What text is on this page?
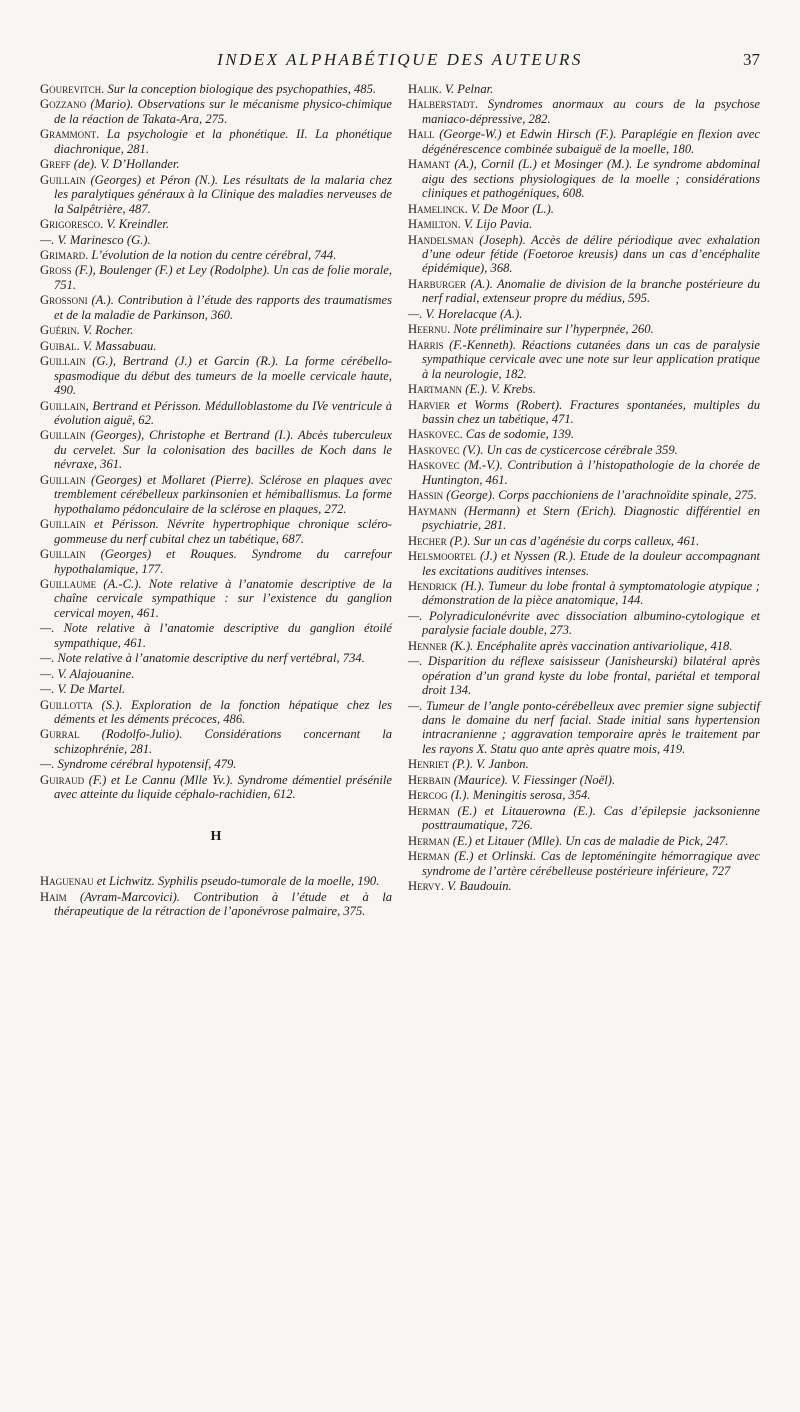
INDEX ALPHABÉTIQUE DES AUTEURS	37

Gourevitch. Sur la conception biologique des psychopathies, 485.

Gozzano (Mario). Observations sur le mécanisme physico-chimique de la réaction de Takata-Ara, 275.

Grammont. La psychologie et la phonétique. II. La phonétique diachronique, 281.

Greff (de). V. D’Hollander.

Guillain (Georges) et Péron (N.). Les résultats de la malaria chez les paralytiques généraux à la Clinique des maladies nerveuses de la Salpêtrière, 487.

Grigoresco. V. Kreindler.

—. V. Marinesco (G.).

Grimard. L’évolution de la notion du centre cérébral, 744.

Gross (F.), Boulenger (F.) et Ley (Rodolphe). Un cas de folie morale, 751.

Grossoni (A.). Contribution à l’étude des rapports des traumatismes et de la maladie de Parkinson, 360.

Guérin. V. Rocher.

Guibal. V. Massabuau.

Guillain (G.), Bertrand (J.) et Garcin (R.). La forme cérébello-spasmodique du début des tumeurs de la moelle cervicale haute, 490.

Guillain, Bertrand et Périsson. Médulloblastome du IVe ventricule à évolution aiguë, 62.

Guillain (Georges), Christophe et Bertrand (I.). Abcès tuberculeux du cervelet. Sur la colonisation des bacilles de Koch dans le névraxe, 361.

Guillain (Georges) et Mollaret (Pierre). Sclérose en plaques avec tremblement cérébelleux parkinsonien et hémiballismus. La forme hypothalamo pédonculaire de la sclérose en plaques, 272.

Guillain et Périsson. Névrite hypertrophique chronique scléro-gommeuse du nerf cubital chez un tabétique, 687.

Guillain (Georges) et Rouques. Syndrome du carrefour hypothalamique, 177.

Guillaume (A.-C.). Note relative à l’anatomie descriptive de la chaîne cervicale sympathique : sur l’existence du ganglion cervical moyen, 461.

—. Note relative à l’anatomie descriptive du ganglion étoilé sympathique, 461.

—. Note relative à l’anatomie descriptive du nerf vertébral, 734.

—. V. Alajouanine.

—. V. De Martel.

Guillotta (S.). Exploration de la fonction hépatique chez les déments et les déments précoces, 486.

Gurral (Rodolfo-Julio). Considérations concernant la schizophrénie, 281.

—. Syndrome cérébral hypotensif, 479.

Guiraud (F.) et Le Cannu (Mlle Yv.). Syndrome démentiel présénile avec atteinte du liquide céphalo-rachidien, 612.

H

Haguenau et Lichwitz. Syphilis pseudo-tumorale de la moelle, 190.

Haim (Avram-Marcovici). Contribution à l’étude et à la thérapeutique de la rétraction de l’aponévrose palmaire, 375.

Halik. V. Pelnar.

Halberstadt. Syndromes anormaux au cours de la psychose maniaco-dépressive, 282.

Hall (George-W.) et Edwin Hirsch (F.). Paraplégie en flexion avec dégénérescence combinée subaiguë de la moelle, 180.

Hamant (A.), Cornil (L.) et Mosinger (M.). Le syndrome abdominal aigu des sections physiologiques de la moelle ; considérations cliniques et pathogéniques, 608.

Hamelinck. V. De Moor (L.).

Hamilton. V. Lijo Pavia.

Handelsman (Joseph). Accès de délire périodique avec exhalation d’une odeur fétide (Foetoroe kreusis) dans un cas d’encéphalite épidémique), 368.

Harburger (A.). Anomalie de division de la branche postérieure du nerf radial, extenseur propre du médius, 595.

—. V. Horelacque (A.).

Heernu. Note préliminaire sur l’hyperpnée, 260.

Harris (F.-Kenneth). Réactions cutanées dans un cas de paralysie sympathique cervicale avec une note sur leur application pratique à la neurologie, 182.

Hartmann (E.). V. Krebs.

Harvier et Worms (Robert). Fractures spontanées, multiples du bassin chez un tabétique, 471.

Haskovec. Cas de sodomie, 139.

Haskovec (V.). Un cas de cysticercose cérébrale 359.

Haskovec (M.-V.). Contribution à l’histopathologie de la chorée de Huntington, 461.

Hassin (George). Corps pacchioniens de l’arachnoïdite spinale, 275.

Haymann (Hermann) et Stern (Erich). Diagnostic différentiel en psychiatrie, 281.

Hecher (P.). Sur un cas d’agénésie du corps calleux, 461.

Helsmoortel (J.) et Nyssen (R.). Etude de la douleur accompagnant les excitations auditives intenses.

Hendrick (H.). Tumeur du lobe frontal à symptomatologie atypique ; démonstration de la pièce anatomique, 144.

—. Polyradiculonévrite avec dissociation albumino-cytologique et paralysie faciale double, 273.

Henner (K.). Encéphalite après vaccination antivariolique, 418.

—. Disparition du réflexe saisisseur (Janisheurski) bilatéral après opération d’un grand kyste du lobe frontal, pariétal et temporal droit 134.

—. Tumeur de l’angle ponto-cérébelleux avec premier signe subjectif dans le domaine du nerf facial. Stade initial sans hypertension intracranienne ; aggravation temporaire après le traitement par les rayons X. Statu quo ante après quatre mois, 419.

Henriet (P.). V. Janbon.

Herbain (Maurice). V. Fiessinger (Noël).

Hercog (I.). Meningitis serosa, 354.

Herman (E.) et Litauerowna (E.). Cas d’épilepsie jacksonienne posttraumatique, 726.

Herman (E.) et Litauer (Mlle). Un cas de maladie de Pick, 247.

Herman (E.) et Orlinski. Cas de leptoméningite hémorragique avec syndrome de l’artère cérébelleuse postérieure inférieure, 727

Hervy. V. Baudouin.
